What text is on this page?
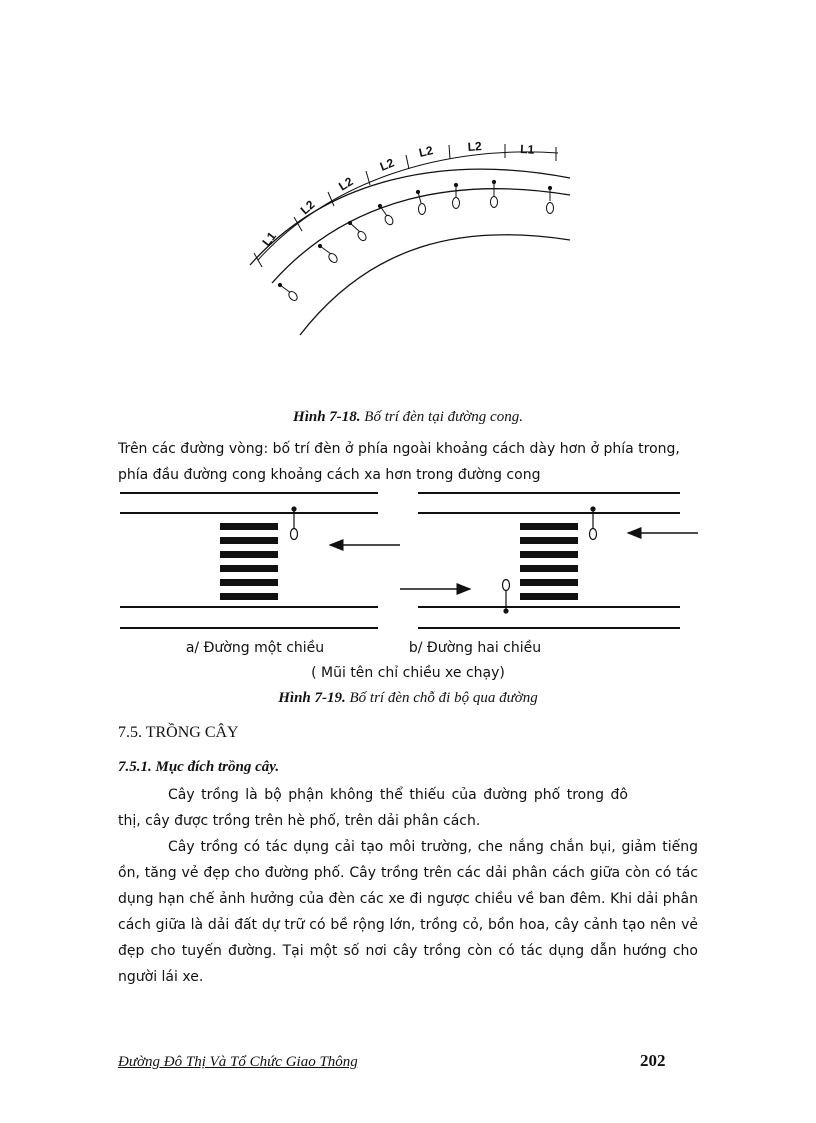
L1
L2
L2
L2
L2	L2	L1
Hình 7-18. Bố trí đèn tại đường cong.
Trên các đường vòng: bố trí đèn ở phía ngoài khoảng cách dày hơn ở phía trong,
phía đầu đường cong khoảng cách xa hơn trong đường cong
a/ Đường một chiều	b/ Đường hai chiều
( Mũi tên chỉ chiều xe chạy)
Hình 7-19. Bố trí đèn chỗ đi bộ qua đường
7.5. TRỒNG CÂY
7.5.1. Mục đích trồng cây.
Cây trồng là bộ phận không thể thiếu của đường phố trong đô thị, cây được trồng trên hè phố, trên dải phân cách.
Cây trồng có tác dụng cải tạo môi trường, che nắng chắn bụi, giảm tiếng ồn, tăng vẻ đẹp cho đường phố. Cây trồng trên các dải phân cách giữa còn có tác dụng hạn chế ảnh hưởng của đèn các xe đi ngược chiều về ban đêm. Khi dải phân cách giữa là dải đất dự trữ có bề rộng lớn, trồng cỏ, bồn hoa, cây cảnh tạo nên vẻ đẹp cho tuyến đường. Tại một số nơi cây trồng còn có tác dụng dẫn hướng cho người lái xe.
Đường Đô Thị Và Tổ Chức Giao Thông	202
